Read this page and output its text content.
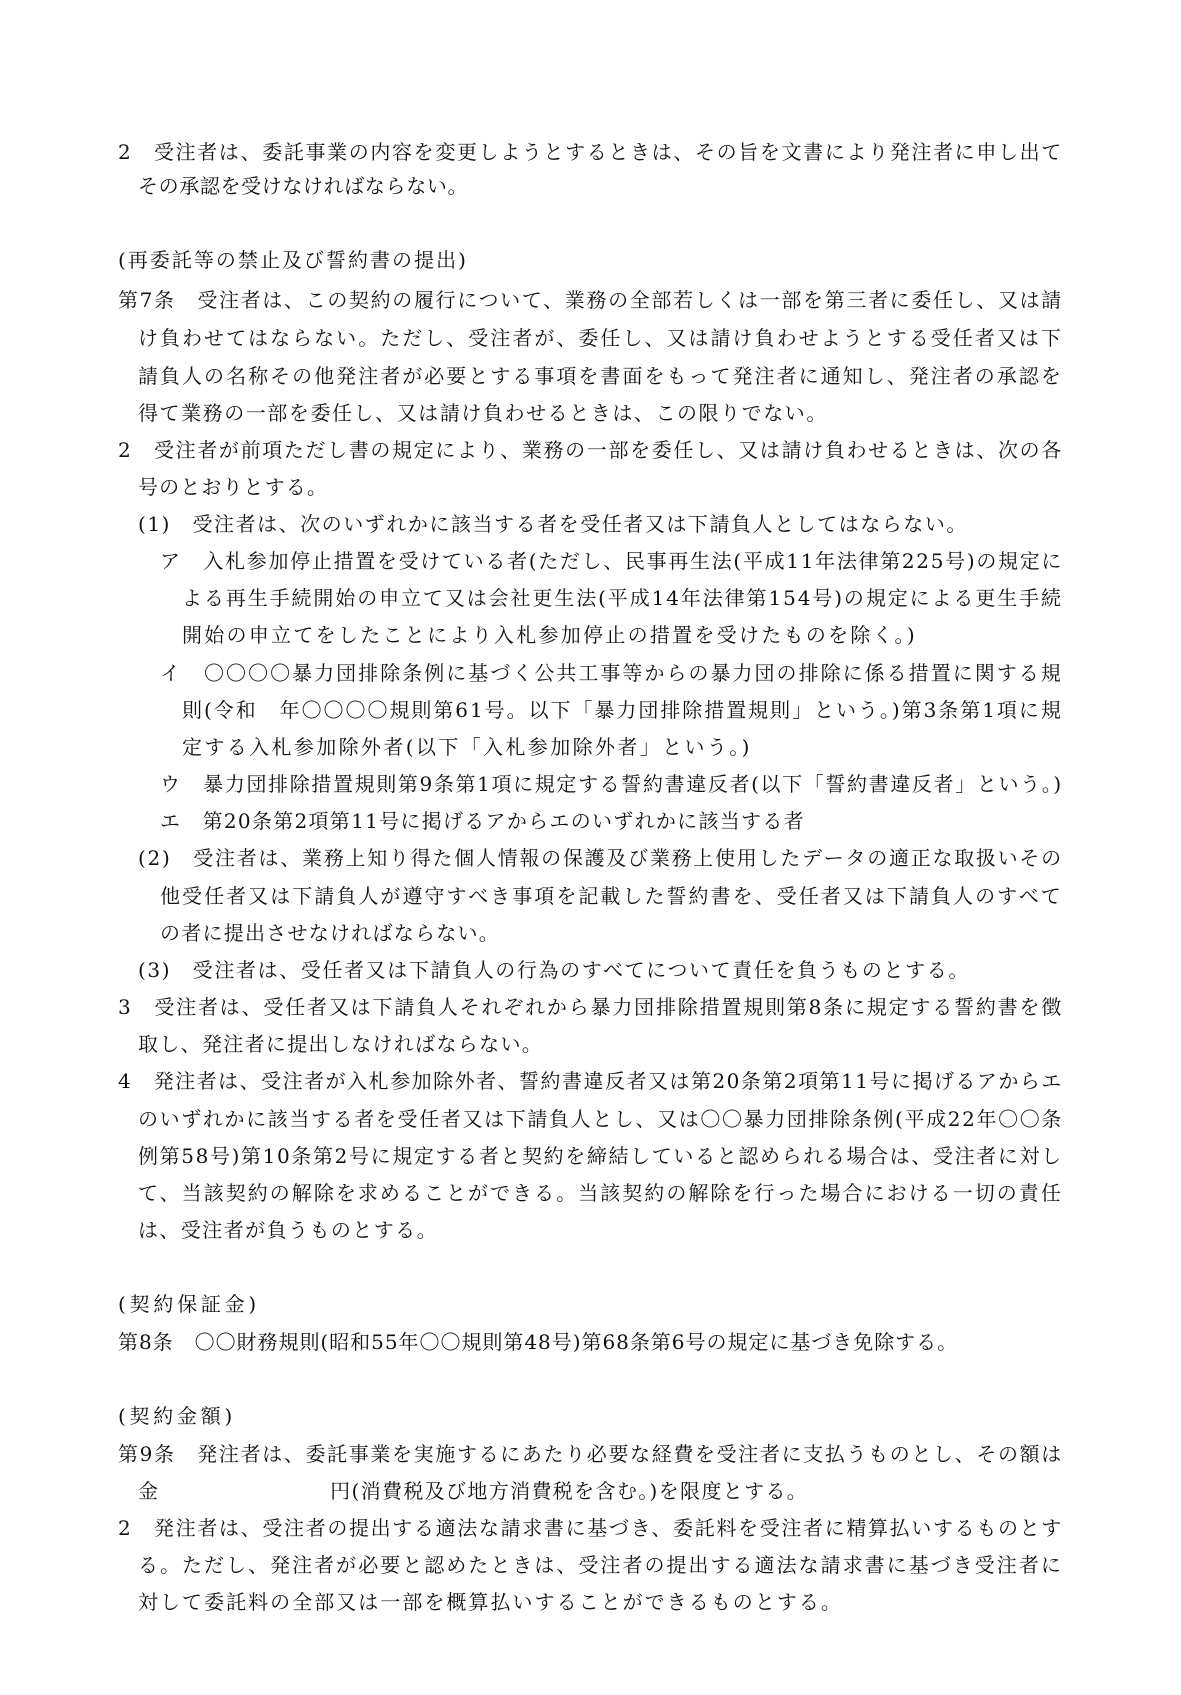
2　受注者は、委託事業の内容を変更しようとするときは、その旨を文書により発注者に申し出て
その承認を受けなければならない。
(再委託等の禁止及び誓約書の提出)
第7条　受注者は、この契約の履行について、業務の全部若しくは一部を第三者に委任し、又は請
け負わせてはならない。ただし、受注者が、委任し、又は請け負わせようとする受任者又は下
請負人の名称その他発注者が必要とする事項を書面をもって発注者に通知し、発注者の承認を
得て業務の一部を委任し、又は請け負わせるときは、この限りでない。
2　受注者が前項ただし書の規定により、業務の一部を委任し、又は請け負わせるときは、次の各
号のとおりとする。
(1)　受注者は、次のいずれかに該当する者を受任者又は下請負人としてはならない。
ア　入札参加停止措置を受けている者(ただし、民事再生法(平成11年法律第225号)の規定に
よる再生手続開始の申立て又は会社更生法(平成14年法律第154号)の規定による更生手続
開始の申立てをしたことにより入札参加停止の措置を受けたものを除く。)
イ　〇〇〇〇暴力団排除条例に基づく公共工事等からの暴力団の排除に係る措置に関する規
則(令和　年〇〇〇〇規則第61号。以下「暴力団排除措置規則」という。)第3条第1項に規
定する入札参加除外者(以下「入札参加除外者」という。)
ウ　暴力団排除措置規則第9条第1項に規定する誓約書違反者(以下「誓約書違反者」という。)
エ　第20条第2項第11号に掲げるアからエのいずれかに該当する者
(2)　受注者は、業務上知り得た個人情報の保護及び業務上使用したデータの適正な取扱いその
他受任者又は下請負人が遵守すべき事項を記載した誓約書を、受任者又は下請負人のすべて
の者に提出させなければならない。
(3)　受注者は、受任者又は下請負人の行為のすべてについて責任を負うものとする。
3　受注者は、受任者又は下請負人それぞれから暴力団排除措置規則第8条に規定する誓約書を徴
取し、発注者に提出しなければならない。
4　発注者は、受注者が入札参加除外者、誓約書違反者又は第20条第2項第11号に掲げるアからエ
のいずれかに該当する者を受任者又は下請負人とし、又は〇〇暴力団排除条例(平成22年〇〇条
例第58号)第10条第2号に規定する者と契約を締結していると認められる場合は、受注者に対し
て、当該契約の解除を求めることができる。当該契約の解除を行った場合における一切の責任
は、受注者が負うものとする。
(契約保証金)
第8条　〇〇財務規則(昭和55年〇〇規則第48号)第68条第6号の規定に基づき免除する。
(契約金額)
第9条　発注者は、委託事業を実施するにあたり必要な経費を受注者に支払うものとし、その額は
金　　　　　　　　円(消費税及び地方消費税を含む。)を限度とする。
2　発注者は、受注者の提出する適法な請求書に基づき、委託料を受注者に精算払いするものとす
る。ただし、発注者が必要と認めたときは、受注者の提出する適法な請求書に基づき受注者に
対して委託料の全部又は一部を概算払いすることができるものとする。
